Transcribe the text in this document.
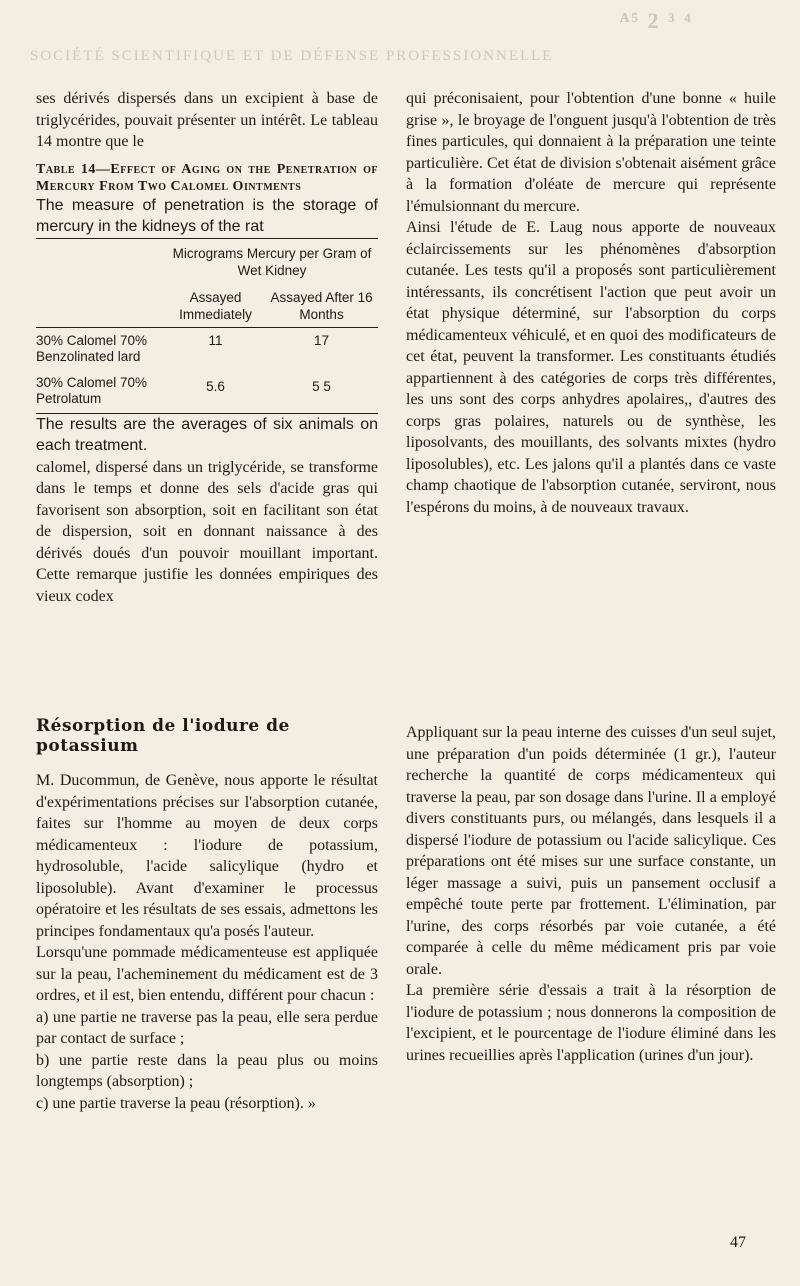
ᴬ⁵ 2 ³ ⁴
SOCIÉTÉ SCIENTIFIQUE ET DE DÉFENSE PROFESSIONNELLE

ses dérivés dispersés dans un excipient à base de triglycérides, pouvait présenter un intérêt. Le tableau 14 montre que le

Table 14—Effect of Aging on the Penetration of Mercury From Two Calomel Ointments

The measure of penetration is the storage of mercury in the kidneys of the rat

	Micrograms Mercury per Gram of Wet Kidney	
	Assayed Immediately	Assayed After 16 Months
30% Calomel 70% Benzolinated lard	11	17
30% Calomel 70% Petrolatum	5.6	5 5

The results are the averages of six animals on each treatment.

calomel, dispersé dans un triglycéride, se transforme dans le temps et donne des sels d'acide gras qui favorisent son absorption, soit en facilitant son état de dispersion, soit en donnant naissance à des dérivés doués d'un pouvoir mouillant important. Cette remarque justifie les données empiriques des vieux codex

qui préconisaient, pour l'obtention d'une bonne « huile grise », le broyage de l'onguent jusqu'à l'obtention de très fines particules, qui donnaient à la préparation une teinte particulière. Cet état de division s'obtenait aisément grâce à la formation d'oléate de mercure qui représente l'émulsionnant du mercure.

Ainsi l'étude de E. Laug nous apporte de nouveaux éclaircissements sur les phénomènes d'absorption cutanée. Les tests qu'il a proposés sont particulièrement intéressants, ils concrétisent l'action que peut avoir un état physique déterminé, sur l'absorption du corps médicamenteux véhiculé, et en quoi des modificateurs de cet état, peuvent la transformer. Les constituants étudiés appartiennent à des catégories de corps très différentes, les uns sont des corps anhydres apolaires,, d'autres des corps gras polaires, naturels ou de synthèse, les liposolvants, des mouillants, des solvants mixtes (hydro liposolubles), etc. Les jalons qu'il a plantés dans ce vaste champ chaotique de l'absorption cutanée, serviront, nous l'espérons du moins, à de nouveaux travaux.

Résorption de l'iodure de potassium

M. Ducommun, de Genève, nous apporte le résultat d'expérimentations précises sur l'absorption cutanée, faites sur l'homme au moyen de deux corps médicamenteux : l'iodure de potassium, hydrosoluble, l'acide salicylique (hydro et liposoluble). Avant d'examiner le processus opératoire et les résultats de ses essais, admettons les principes fondamentaux qu'a posés l'auteur.

Lorsqu'une pommade médicamenteuse est appliquée sur la peau, l'acheminement du médicament est de 3 ordres, et il est, bien entendu, différent pour chacun :

a) une partie ne traverse pas la peau, elle sera perdue par contact de surface ;

b) une partie reste dans la peau plus ou moins longtemps (absorption) ;

c) une partie traverse la peau (résorption). »

Appliquant sur la peau interne des cuisses d'un seul sujet, une préparation d'un poids déterminée (1 gr.), l'auteur recherche la quantité de corps médicamenteux qui traverse la peau, par son dosage dans l'urine. Il a employé divers constituants purs, ou mélangés, dans lesquels il a dispersé l'iodure de potassium ou l'acide salicylique. Ces préparations ont été mises sur une surface constante, un léger massage a suivi, puis un pansement occlusif a empêché toute perte par frottement. L'élimination, par l'urine, des corps résorbés par voie cutanée, a été comparée à celle du même médicament pris par voie orale.

La première série d'essais a trait à la résorption de l'iodure de potassium ; nous donnerons la composition de l'excipient, et le pourcentage de l'iodure éliminé dans les urines recueillies après l'application (urines d'un jour).

47
